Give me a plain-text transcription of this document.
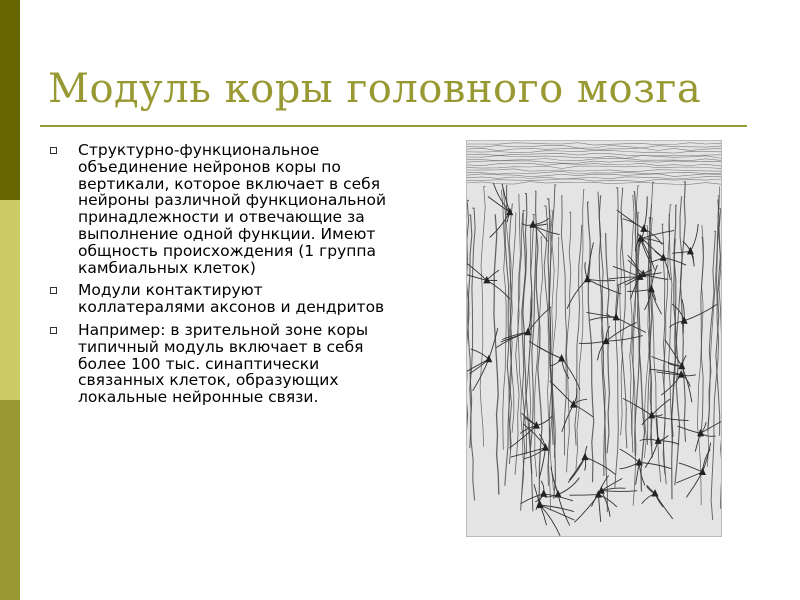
Модуль коры головного мозга
Структурно-функциональное объединение нейронов коры по вертикали, которое включает в себя нейроны различной функциональной принадлежности и отвечающие за выполнение одной функции. Имеют общность происхождения (1 группа камбиальных клеток)
Модули контактируют коллатералями аксонов и дендритов
Например: в зрительной зоне коры типичный модуль включает в себя более 100 тыс. синаптически связанных клеток, образующих локальные нейронные связи.
